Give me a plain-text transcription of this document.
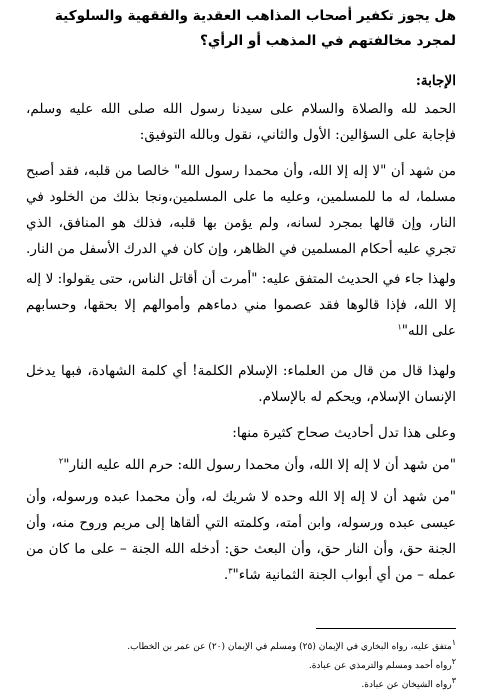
هل يجوز تكفير أصحاب المذاهب العقدية والفقهية والسلوكية لمجرد مخالفتهم في المذهب أو الرأي؟
الإجابة:
الحمد لله والصلاة والسلام على سيدنا رسول الله صلى الله عليه وسلم، فإجابة على السؤالين: الأول والثاني، نقول وبالله التوفيق:
من شهد أن "لا إله إلا الله، وأن محمدا رسول الله" خالصا من قلبه، فقد أصبح مسلما، له ما للمسلمين، وعليه ما على المسلمين،ونجا بذلك من الخلود في النار، وإن قالها بمجرد لسانه، ولم يؤمن بها قلبه، فذلك هو المنافق، الذي تجري عليه أحكام المسلمين في الظاهر، وإن كان في الدرك الأسفل من النار.
ولهذا جاء في الحديث المتفق عليه: "أمرت أن أقاتل الناس، حتى يقولوا: لا إله إلا الله، فإذا قالوها فقد عصموا مني دماءهم وأموالهم إلا بحقها، وحسابهم على الله"$^١$
ولهذا قال من قال من العلماء: الإسلام الكلمة! أي كلمة الشهادة، فبها يدخل الإنسان الإسلام، ويحكم له بالإسلام.
وعلى هذا تدل أحاديث صحاح كثيرة منها:
"من شهد أن لا إله إلا الله، وأن محمدا رسول الله: حرم الله عليه النار"$^٢$
"من شهد أن لا إله إلا الله وحده لا شريك له، وأن محمدا عبده ورسوله، وأن عيسى عبده ورسوله، وابن أمته، وكلمته التي ألقاها إلى مريم وروح منه، وأن الجنة حق، وأن النار حق، وأن البعث حق: أدخله الله الجنة – على ما كان من عمله – من أي أبواب الجنة الثمانية شاء"$^٣$.
$^١$متفق عليه، رواه البخاري في الإيمان (٢٥) ومسلم في الإيمان (٢٠) عن عمر بن الخطاب.
$^٢$رواه أحمد ومسلم والترمذي عن عبادة.
$^٣$رواه الشيخان عن عبادة.
